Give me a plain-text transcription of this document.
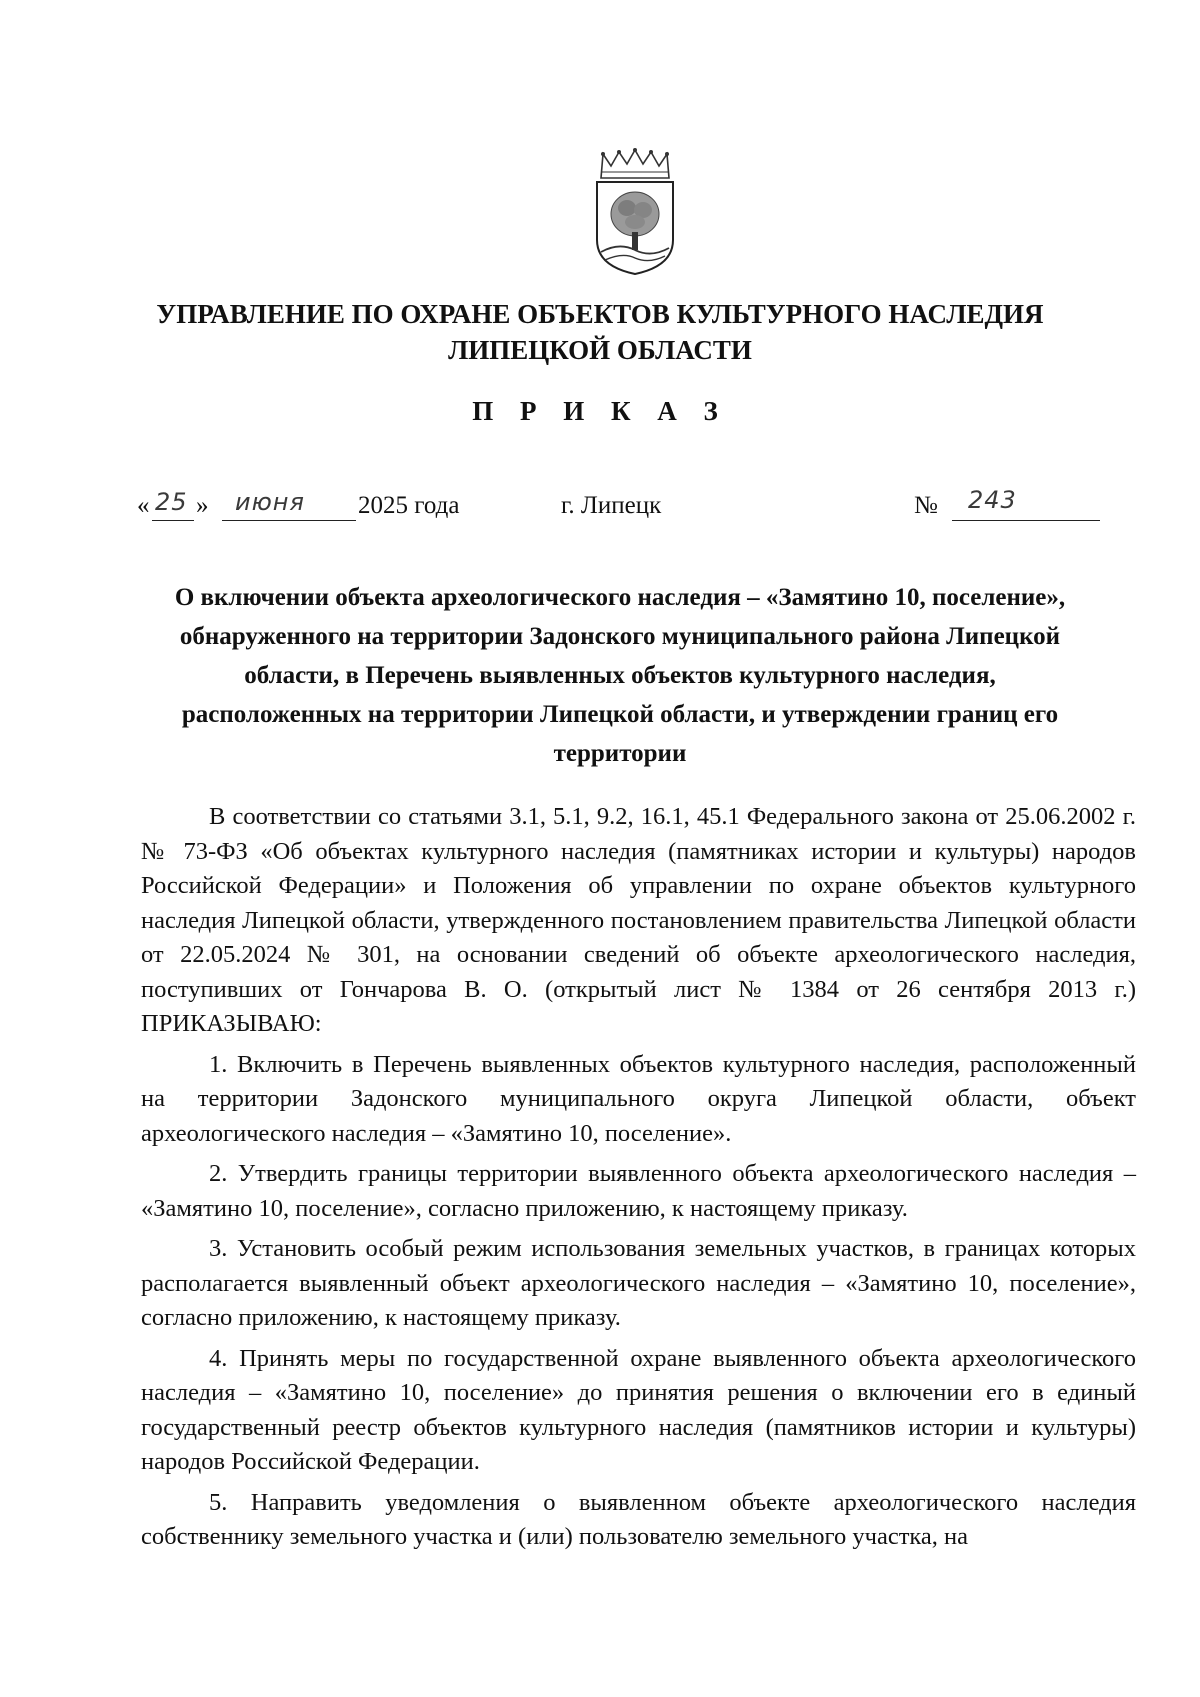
УПРАВЛЕНИЕ ПО ОХРАНЕ ОБЪЕКТОВ КУЛЬТУРНОГО НАСЛЕДИЯ
ЛИПЕЦКОЙ ОБЛАСТИ
П Р И К А З
« 25 » июня 2025 года	г. Липецк	№ 243
О включении объекта археологического наследия – «Замятино 10, поселение»,
обнаруженного на территории Задонского муниципального района Липецкой
области, в Перечень выявленных объектов культурного наследия,
расположенных на территории Липецкой области, и утверждении границ его
территории

В соответствии со статьями 3.1, 5.1, 9.2, 16.1, 45.1 Федерального закона от 25.06.2002 г. № 73-ФЗ «Об объектах культурного наследия (памятниках истории и культуры) народов Российской Федерации» и Положения об управлении по охране объектов культурного наследия Липецкой области, утвержденного постановлением правительства Липецкой области от 22.05.2024 № 301, на основании сведений об объекте археологического наследия, поступивших от Гончарова В. О. (открытый лист № 1384 от 26 сентября 2013 г.) ПРИКАЗЫВАЮ:

1. Включить в Перечень выявленных объектов культурного наследия, расположенный на территории Задонского муниципального округа Липецкой области, объект археологического наследия – «Замятино 10, поселение».

2. Утвердить границы территории выявленного объекта археологического наследия – «Замятино 10, поселение», согласно приложению, к настоящему приказу.

3. Установить особый режим использования земельных участков, в границах которых располагается выявленный объект археологического наследия – «Замятино 10, поселение», согласно приложению, к настоящему приказу.

4. Принять меры по государственной охране выявленного объекта археологического наследия – «Замятино 10, поселение» до принятия решения о включении его в единый государственный реестр объектов культурного наследия (памятников истории и культуры) народов Российской Федерации.

5. Направить уведомления о выявленном объекте археологического наследия собственнику земельного участка и (или) пользователю земельного участка, на
